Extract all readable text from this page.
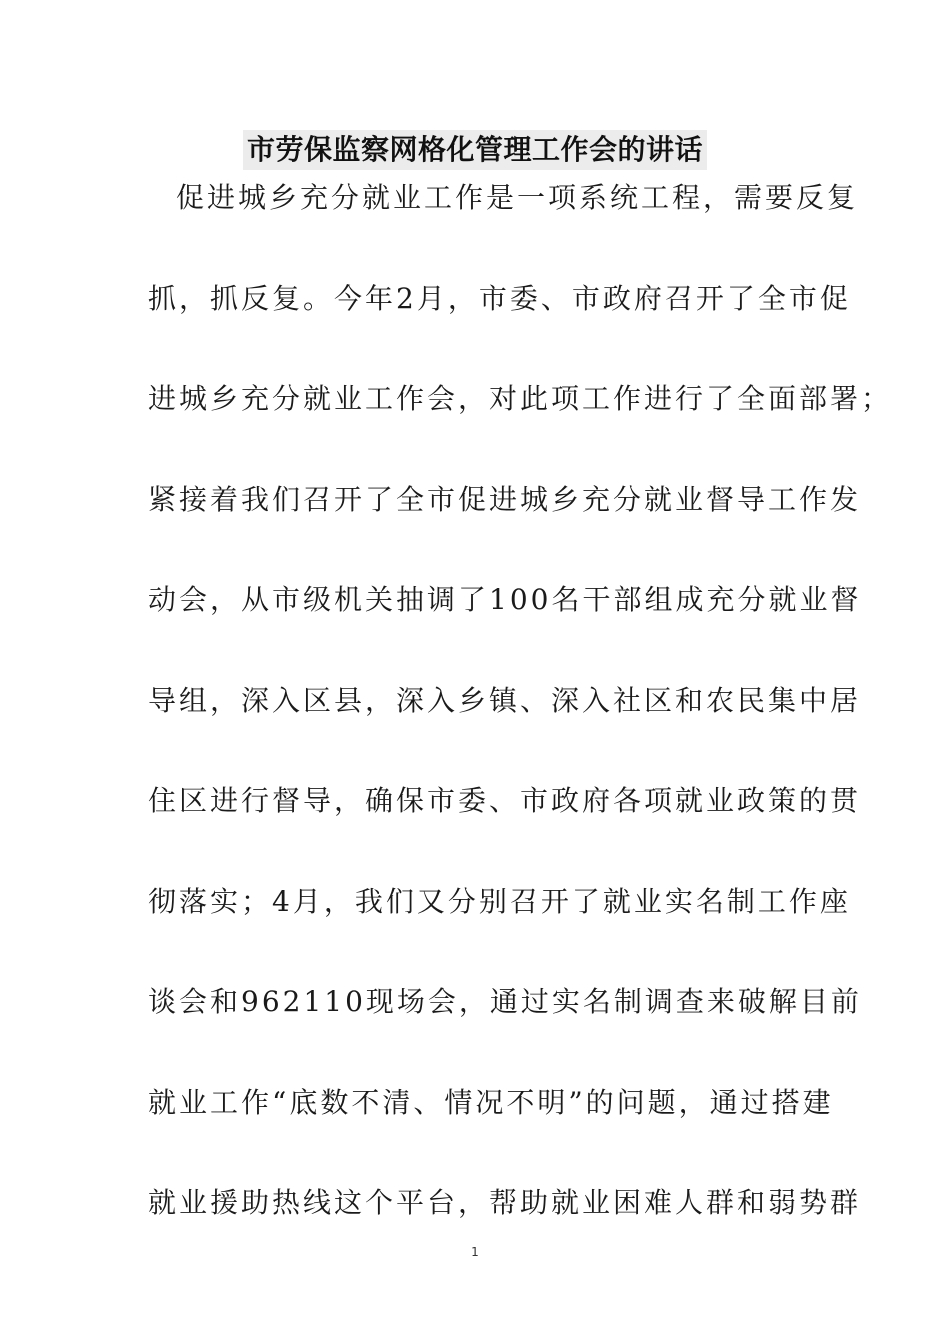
市劳保监察网格化管理工作会的讲话
促进城乡充分就业工作是一项系统工程，需要反复
抓，抓反复。今年2月，市委、市政府召开了全市促
进城乡充分就业工作会，对此项工作进行了全面部署；
紧接着我们召开了全市促进城乡充分就业督导工作发
动会，从市级机关抽调了100名干部组成充分就业督
导组，深入区县，深入乡镇、深入社区和农民集中居
住区进行督导，确保市委、市政府各项就业政策的贯
彻落实；4月，我们又分别召开了就业实名制工作座
谈会和962110现场会，通过实名制调查来破解目前
就业工作“底数不清、情况不明”的问题，通过搭建
就业援助热线这个平台，帮助就业困难人群和弱势群
1
